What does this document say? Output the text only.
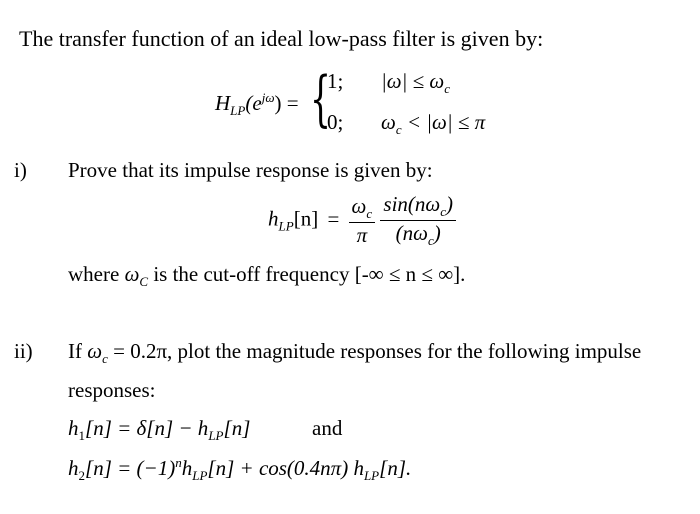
The transfer function of an ideal low-pass filter is given by:
$H_{LP}(e^{j\omega})$ = {
1;
0;
$|\omega| \le \omega_c$
$\omega_c < |\omega| \le \pi$
i) Prove that its impulse response is given by:
$h_{LP}[n] = \frac{\omega_c}{\pi}$
$\frac{\sin(n\omega_c)}{(n\omega_c)}$
where $\omega_C$ is the cut-off frequency [-∞ ≤ n ≤ ∞].
ii) If $\omega_c = 0.2\pi$, plot the magnitude responses for the following impulse
responses:
$h_1[n] = \delta[n] - h_{LP}[n]$	and
$h_2[n] = (-1)^nh_{LP}[n] + \cos(0.4n\pi)$ $h_{LP}[n]$.
